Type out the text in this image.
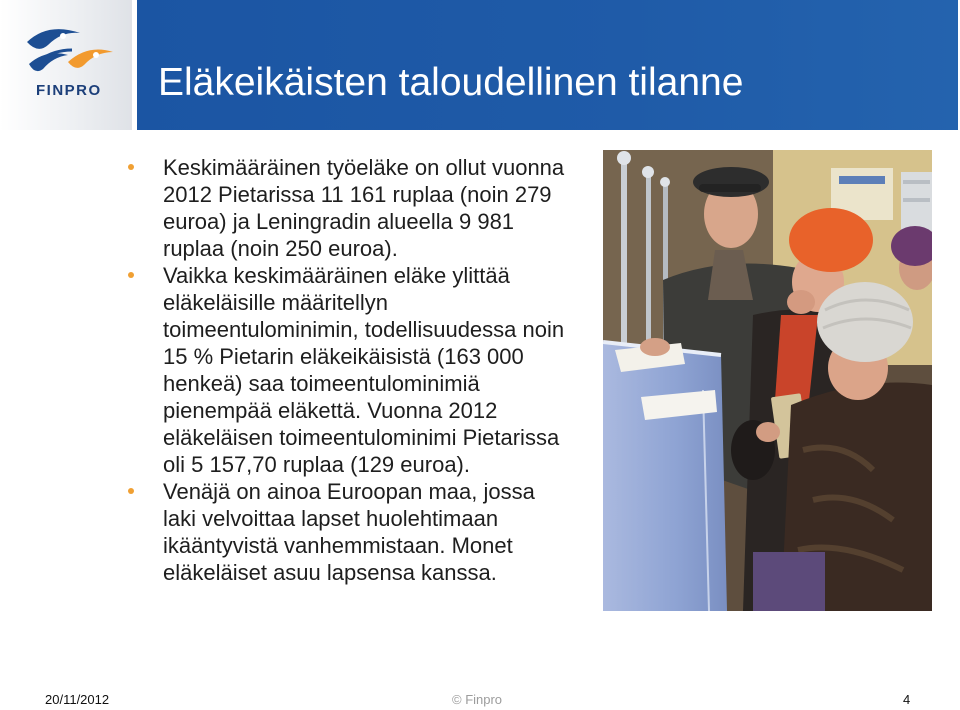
FINPRO Eläkeikäisten taloudellinen tilanne
Keskimääräinen työeläke on ollut vuonna
2012 Pietarissa 11 161 ruplaa (noin 279
euroa) ja Leningradin alueella 9 981
ruplaa (noin 250 euroa).
Vaikka keskimääräinen eläke ylittää
eläkeläisille määritellyn
toimeentulominimin, todellisuudessa noin
15 % Pietarin eläkeikäisistä (163 000
henkeä) saa toimeentulominimiä
pienempää eläkettä. Vuonna 2012
eläkeläisen toimeentulominimi Pietarissa
oli 5 157,70 ruplaa (129 euroa).
Venäjä on ainoa Euroopan maa, jossa
laki velvoittaa lapset huolehtimaan
ikääntyvistä vanhemmistaan. Monet
eläkeläiset asuu lapsensa kanssa.
20/11/2012	© Finpro	4
